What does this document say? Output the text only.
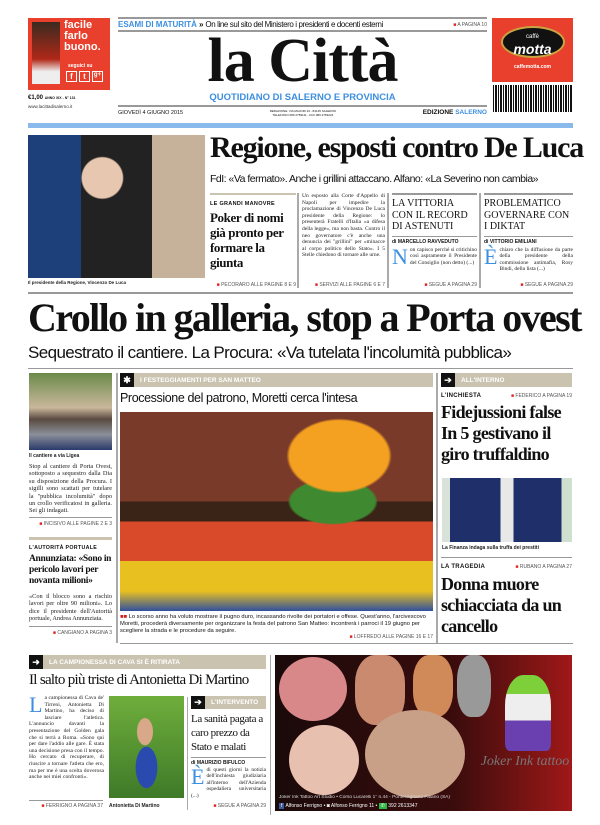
facile farlo buono.
seguici su
f	t	g+
€1,00 ANNO XIX - N° 131
www.lacittadisalerno.it
ESAMI DI MATURITÀ » On line sul sito del Ministero i presidenti e docenti esterni	■ A PAGINA 10
la Città
QUOTIDIANO DI SALERNO E PROVINCIA
GIOVEDÌ 4 GIUGNO 2015	REDAZIONE: VIA MAJORI 19 - 84135 SALERNO
TELEFONO 089 2783111 - FAX 089 2783224	EDIZIONE SALERNO
caffè
motta
caffemotta.com
Il presidente della Regione, Vincenzo De Luca
Regione, esposti contro De Luca
FdI: «Va fermato». Anche i grillini attaccano. Alfano: «La Severino non cambia»
LE GRANDI MANOVRE
Poker di nomi già pronto per formare la giunta
■ PECORARO ALLE PAGINE 8 E 9
Un esposto alla Corte d'Appello di Napoli per impedire la proclamazione di Vincenzo De Luca presidente della Regione: lo presenterà Fratelli d'Italia «a difesa della legge», ma non basta. Contro il neo governatore c'è anche una denuncia dei "grillini" per «minacce al corpo politico dello Stato». I 5 Stelle chiedono di tornare alle urne.
■ SERVIZI ALLE PAGINE 6 E 7
LA VITTORIA CON IL RECORD DI ASTENUTI
di MARCELLO RAVVEDUTO
Non capisco perché si critichino così aspramente il Presidente del Consiglio (non detto) (...)
■ SEGUE A PAGINA 29
PROBLEMATICO GOVERNARE CON I DIKTAT
di VITTORIO EMILIANI
Èchiaro che la diffusione da parte della presidente della commissione antimafia, Rosy Bindi, della lista (...)
■ SEGUE A PAGINA 29
Crollo in galleria, stop a Porta ovest
Sequestrato il cantiere. La Procura: «Va tutelata l'incolumità pubblica»
Il cantiere a via Ligea
Stop al cantiere di Porta Ovest, sottoposto a sequestro dalla Dia su disposizione della Procura. I sigilli sono scattati per tutelare la "pubblica incolumità" dopo un crollo verificatosi in galleria. Sei gli indagati.
■ INCISIVO ALLE PAGINE 2 E 3
L'AUTORITÀ PORTUALE
Annunziata: «Sono in pericolo lavori per novanta milioni»
«Con il blocco sono a rischio lavori per oltre 90 milioni». Lo dice il presidente dell'Autorità portuale, Andrea Annunziata.
■ CANGIANO A PAGINA 3
✱	I FESTEGGIAMENTI PER SAN MATTEO
Processione del patrono, Moretti cerca l'intesa
■■ Lo scorso anno ha voluto mostrare il pugno duro, incassando rivolte dei portatori e offese. Quest'anno, l'arcivescovo Moretti, procederà diversamente per organizzare la festa del patrono San Matteo: incontrerà i parroci il 19 giugno per scegliere la strada e le procedure da seguire.
■ LOFFREDO ALLE PAGINE 16 E 17
➔	ALL'INTERNO
L'INCHIESTA	■ FEDERICO A PAGINA 19
Fidejussioni false In 5 gestivano il giro truffaldino
La Finanza indaga sulla truffa dei prestiti
LA TRAGEDIA	■ RUBANO A PAGINA 27
Donna muore schiacciata da un cancello
➜	LA CAMPIONESSA DI CAVA SI È RITIRATA
Il salto più triste di Antonietta Di Martino
La campionessa di Cava de' Tirreni, Antonietta Di Martino, ha deciso di lasciare l'atletica. L'annuncio davanti la presentazione del Golden gala che si terrà a Roma. «Sono qui per dare l'addio alle gare. È stata una decisione presa con il tempo. Ho cercato di recuperare, di riuscire a tornare l'atleta che ero, ma per me è una scelta doverosa anche nei miei confronti».
■ FERRIGNO A PAGINA 37 Antonietta Di Martino
➔	L'INTERVENTO
La sanità pagata a caro prezzo da Stato e malati
di MAURIZIO BIFULCO
Èdi questi giorni la notizia dell'inchiesta giudiziaria all'interno dell'Azienda ospedaliera universitaria (...)
■ SEGUE A PAGINA 29
Joker Ink tattoo
Joker Ink Tattoo Art Studio • Corso Lucarelli 1° n.44 - Pontecagnano Faiano (SA)
f Alfonso Ferrigno • ◙ Alfonso Ferrigno 11 • ✆ 392 2613347
